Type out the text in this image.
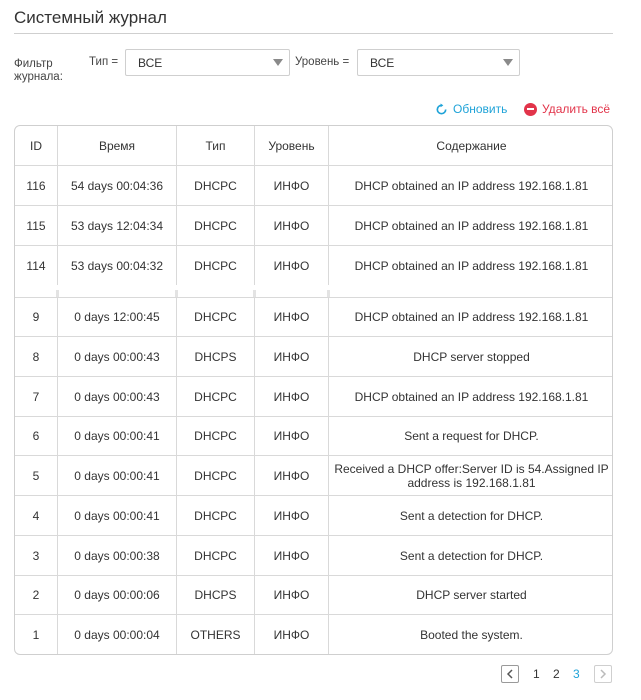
Системный журнал
Фильтр журнала:
Тип = ВСЕ	Уровень = ВСЕ
Обновить	Удалить всё
ID	Время	Тип	Уровень	Содержание
116	54 days 00:04:36	DHCPC	ИНФО	DHCP obtained an IP address 192.168.1.81
115	53 days 12:04:34	DHCPC	ИНФО	DHCP obtained an IP address 192.168.1.81
114	53 days 00:04:32	DHCPC	ИНФО	DHCP obtained an IP address 192.168.1.81
9	0 days 12:00:45	DHCPC	ИНФО	DHCP obtained an IP address 192.168.1.81
8	0 days 00:00:43	DHCPS	ИНФО	DHCP server stopped
7	0 days 00:00:43	DHCPC	ИНФО	DHCP obtained an IP address 192.168.1.81
6	0 days 00:00:41	DHCPC	ИНФО	Sent a request for DHCP.
5	0 days 00:00:41	DHCPC	ИНФО	Received a DHCP offer:Server ID is 54.Assigned IP address is 192.168.1.81
4	0 days 00:00:41	DHCPC	ИНФО	Sent a detection for DHCP.
3	0 days 00:00:38	DHCPC	ИНФО	Sent a detection for DHCP.
2	0 days 00:00:06	DHCPS	ИНФО	DHCP server started
1	0 days 00:00:04	OTHERS	ИНФО	Booted the system.
1 2 3
